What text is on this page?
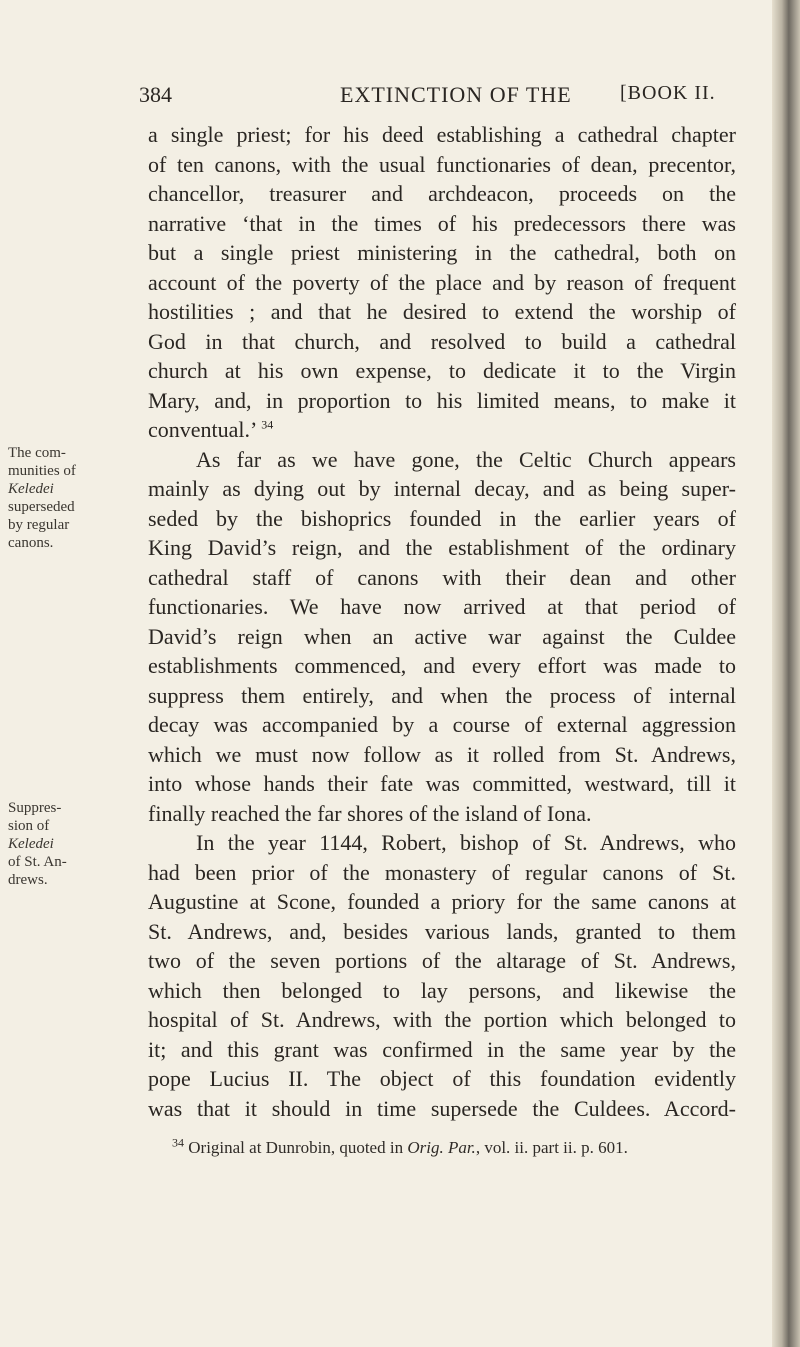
384	EXTINCTION OF THE [BOOK II.
The com-
munities of
Keledei
superseded
by regular
canons.
Suppres-
sion of
Keledei
of St. An-
drews.
a single priest; for his deed establishing a cathedral chapter
of ten canons, with the usual functionaries of dean, precentor,
chancellor, treasurer and archdeacon, proceeds on the
narrative ‘that in the times of his predecessors there was
but a single priest ministering in the cathedral, both on
account of the poverty of the place and by reason of frequent
hostilities ; and that he desired to extend the worship of
God in that church, and resolved to build a cathedral
church at his own expense, to dedicate it to the Virgin
Mary, and, in proportion to his limited means, to make it
conventual.’ $^{34}$
As far as we have gone, the Celtic Church appears
mainly as dying out by internal decay, and as being super-
seded by the bishoprics founded in the earlier years of
King David’s reign, and the establishment of the ordinary
cathedral staff of canons with their dean and other
functionaries. We have now arrived at that period of
David’s reign when an active war against the Culdee
establishments commenced, and every effort was made to
suppress them entirely, and when the process of internal
decay was accompanied by a course of external aggression
which we must now follow as it rolled from St. Andrews,
into whose hands their fate was committed, westward, till it
finally reached the far shores of the island of Iona.
In the year 1144, Robert, bishop of St. Andrews, who
had been prior of the monastery of regular canons of St.
Augustine at Scone, founded a priory for the same canons at
St. Andrews, and, besides various lands, granted to them
two of the seven portions of the altarage of St. Andrews,
which then belonged to lay persons, and likewise the
hospital of St. Andrews, with the portion which belonged to
it; and this grant was confirmed in the same year by the
pope Lucius II. The object of this foundation evidently
was that it should in time supersede the Culdees. Accord-
$^{34}$ Original at Dunrobin, quoted in Orig. Par., vol. ii. part ii. p. 601.
